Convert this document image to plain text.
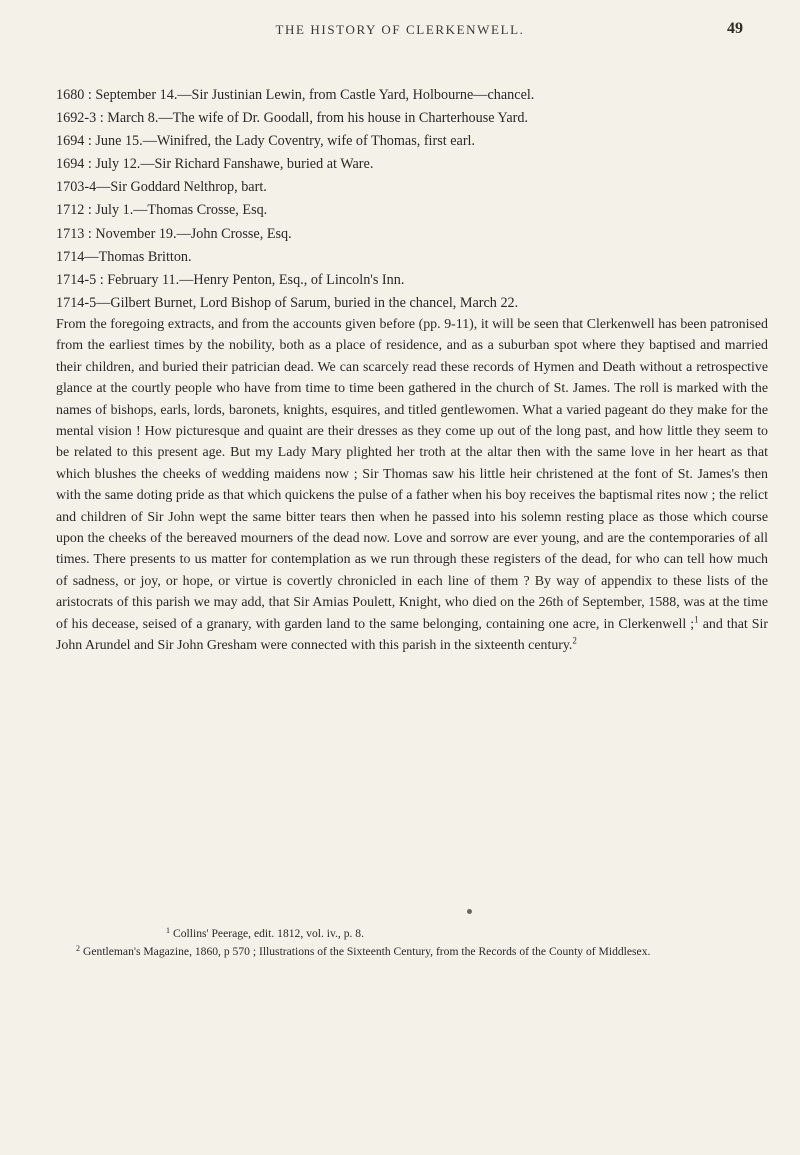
THE HISTORY OF CLERKENWELL.	49
1680 : September 14.—Sir Justinian Lewin, from Castle Yard, Holbourne—chancel.
1692-3 : March 8.—The wife of Dr. Goodall, from his house in Charterhouse Yard.
1694 : June 15.—Winifred, the Lady Coventry, wife of Thomas, first earl.
1694 : July 12.—Sir Richard Fanshawe, buried at Ware.
1703-4—Sir Goddard Nelthrop, bart.
1712 : July 1.—Thomas Crosse, Esq.
1713 : November 19.—John Crosse, Esq.
1714—Thomas Britton.
1714-5 : February 11.—Henry Penton, Esq., of Lincoln's Inn.
1714-5—Gilbert Burnet, Lord Bishop of Sarum, buried in the chancel, March 22.

From the foregoing extracts, and from the accounts given before (pp. 9-11), it will be seen that Clerkenwell has been patronised from the earliest times by the nobility, both as a place of residence, and as a suburban spot where they baptised and married their children, and buried their patrician dead. We can scarcely read these records of Hymen and Death without a retrospective glance at the courtly people who have from time to time been gathered in the church of St. James. The roll is marked with the names of bishops, earls, lords, baronets, knights, esquires, and titled gentlewomen. What a varied pageant do they make for the mental vision ! How picturesque and quaint are their dresses as they come up out of the long past, and how little they seem to be related to this present age. But my Lady Mary plighted her troth at the altar then with the same love in her heart as that which blushes the cheeks of wedding maidens now ; Sir Thomas saw his little heir christened at the font of St. James's then with the same doting pride as that which quickens the pulse of a father when his boy receives the baptismal rites now ; the relict and children of Sir John wept the same bitter tears then when he passed into his solemn resting place as those which course upon the cheeks of the bereaved mourners of the dead now. Love and sorrow are ever young, and are the contemporaries of all times. There presents to us matter for contemplation as we run through these registers of the dead, for who can tell how much of sadness, or joy, or hope, or virtue is covertly chronicled in each line of them ? By way of appendix to these lists of the aristocrats of this parish we may add, that Sir Amias Poulett, Knight, who died on the 26th of September, 1588, was at the time of his decease, seised of a granary, with garden land to the same belonging, containing one acre, in Clerkenwell ;$^1$ and that Sir John Arundel and Sir John Gresham were connected with this parish in the sixteenth century.$^2$

$^1$ Collins' Peerage, edit. 1812, vol. iv., p. 8.

$^2$ Gentleman's Magazine, 1860, p 570 ; Illustrations of the Sixteenth Century, from the Records of the County of Middlesex.
